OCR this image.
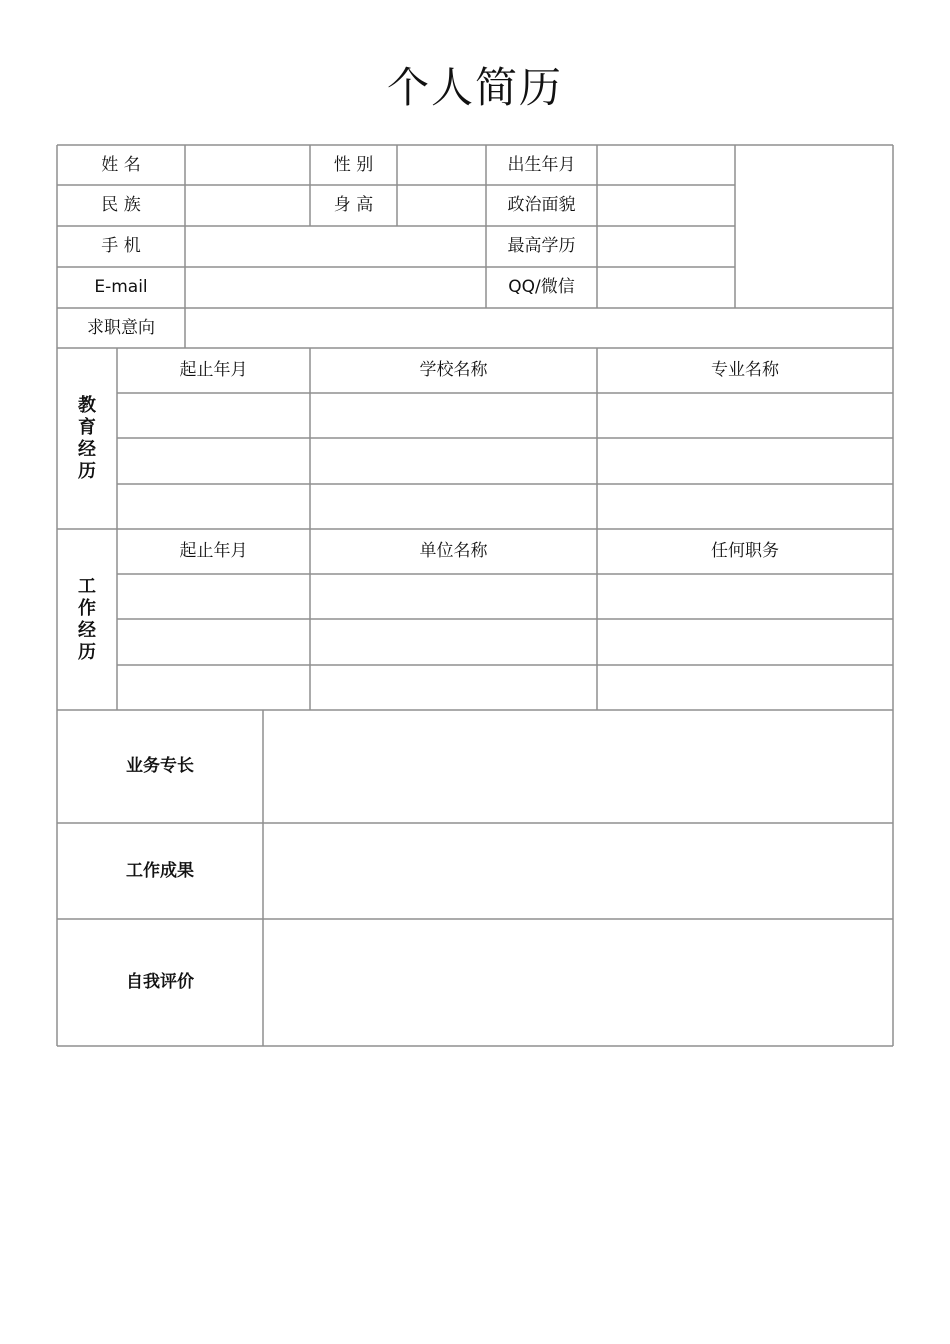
个人简历
姓 名	性 别	出生年月
民 族	身 高	政治面貌
手 机	最高学历
E-mail	QQ/微信
求职意向
教
育
经
历
起止年月	学校名称	专业名称
工
作
经
历
起止年月	单位名称	任何职务
业务专长
工作成果
自我评价
